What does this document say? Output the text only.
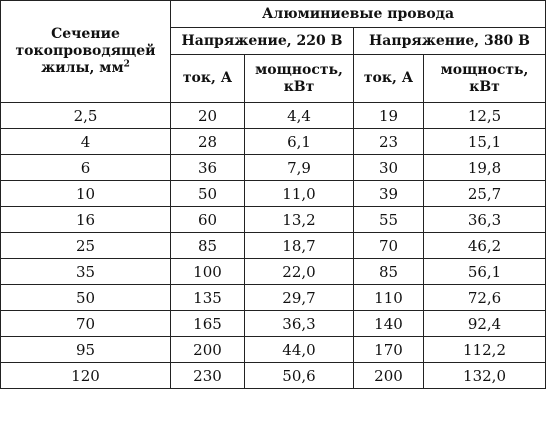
Сечение токопроводящей жилы, $мм^2$	Алюминиевые провода			
	Напряжение, 220 В		Напряжение, 380 В	
	ток, А	мощность, кВт	ток, А	мощность, кВт
2,5	20	4,4	19	12,5
4	28	6,1	23	15,1
6	36	7,9	30	19,8
10	50	11,0	39	25,7
16	60	13,2	55	36,3
25	85	18,7	70	46,2
35	100	22,0	85	56,1
50	135	29,7	110	72,6
70	165	36,3	140	92,4
95	200	44,0	170	112,2
120	230	50,6	200	132,0
